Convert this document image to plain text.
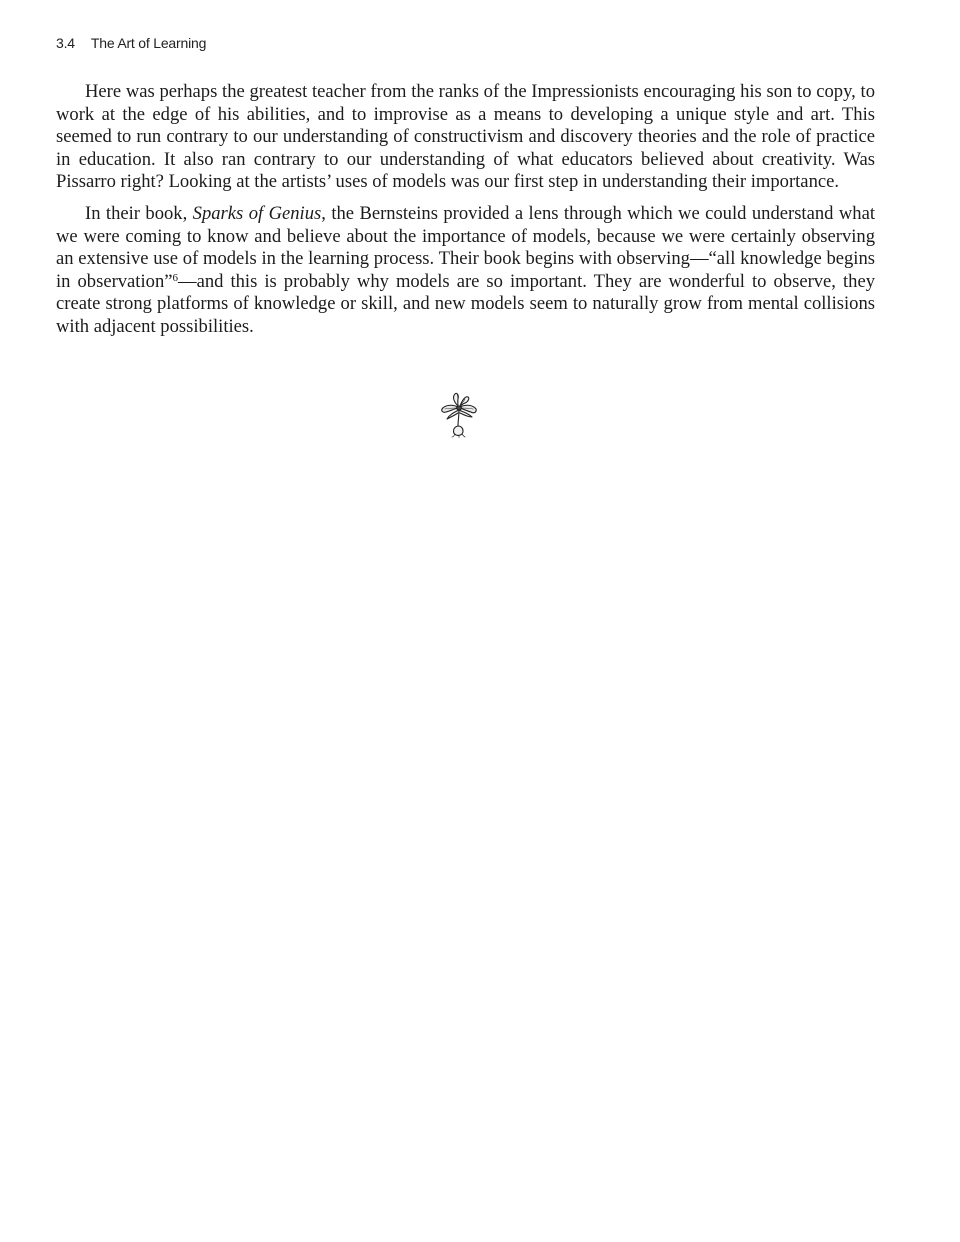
3.4 The Art of Learning

Here was perhaps the greatest teacher from the ranks of the Impressionists encouraging his son to copy, to work at the edge of his abilities, and to improvise as a means to developing a unique style and art. This seemed to run contrary to our understanding of constructivism and discovery theories and the role of practice in education. It also ran contrary to our understanding of what educators believed about creativity. Was Pissarro right? Looking at the artists’ uses of models was our first step in understanding their importance.

In their book, Sparks of Genius, the Bernsteins provided a lens through which we could understand what we were coming to know and believe about the importance of models, because we were certainly observing an extensive use of models in the learning process. Their book begins with observing—“all knowledge begins in observation”$^6$—and this is probably why models are so important. They are wonderful to observe, they create strong platforms of knowledge or skill, and new models seem to naturally grow from mental collisions with adjacent possibilities.
